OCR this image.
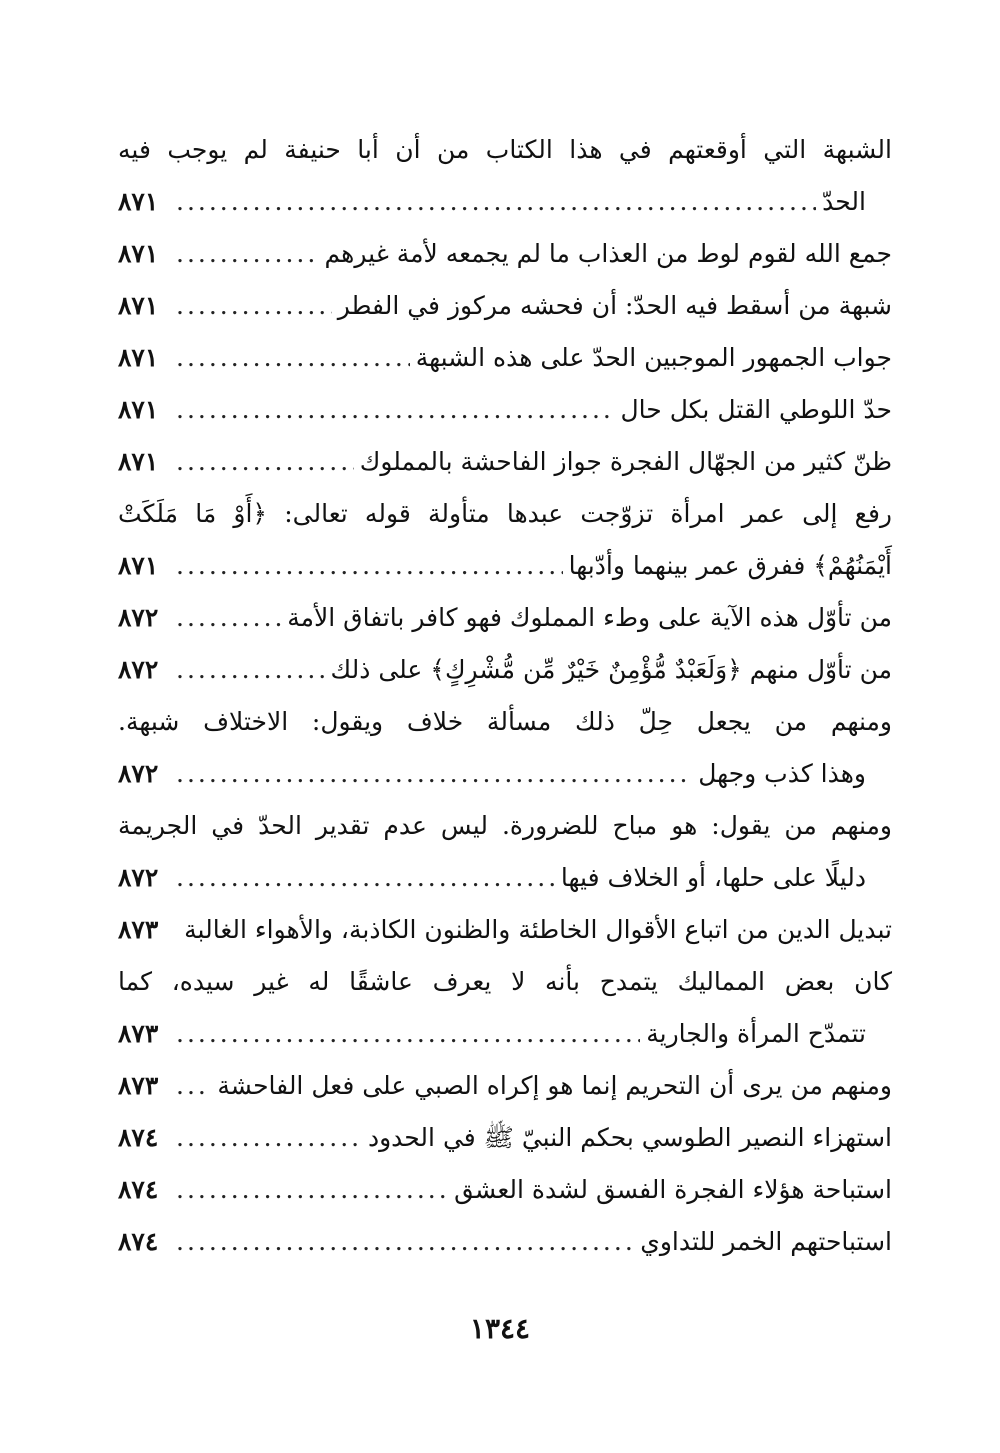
الشبهة التي أوقعتهم في هذا الكتاب من أن أبا حنيفة لم يوجب فيه
الحدّ
.....
٨٧١
جمع الله لقوم لوط من العذاب ما لم يجمعه لأمة غيرهم
.....
٨٧١
شبهة من أسقط فيه الحدّ: أن فحشه مركوز في الفطر
.....
٨٧١
جواب الجمهور الموجبين الحدّ على هذه الشبهة
.....
٨٧١
حدّ اللوطي القتل بكل حال
.....
٨٧١
ظنّ كثير من الجهّال الفجرة جواز الفاحشة بالمملوك
.....
٨٧١
رفع إلى عمر امرأة تزوّجت عبدها متأولة قوله تعالى: ﴿أَوْ مَا مَلَكَتْ
أَيْمَنُهُمْ﴾ ففرق عمر بينهما وأدّبها
.....
٨٧١
من تأوّل هذه الآية على وطء المملوك فهو كافر باتفاق الأمة
.....
٨٧٢
من تأوّل منهم ﴿وَلَعَبْدٌ مُّؤْمِنٌ خَيْرٌ مِّن مُّشْرِكٍ﴾ على ذلك
.....
٨٧٢
ومنهم من يجعل حِلّ ذلك مسألة خلاف ويقول: الاختلاف شبهة.
وهذا كذب وجهل
.....
٨٧٢
ومنهم من يقول: هو مباح للضرورة. ليس عدم تقدير الحدّ في الجريمة
دليلًا على حلها، أو الخلاف فيها
.....
٨٧٢
تبديل الدين من اتباع الأقوال الخاطئة والظنون الكاذبة، والأهواء الغالبة
.....
٨٧٣
كان بعض المماليك يتمدح بأنه لا يعرف عاشقًا له غير سيده، كما
تتمدّح المرأة والجارية
.....
٨٧٣
ومنهم من يرى أن التحريم إنما هو إكراه الصبي على فعل الفاحشة
.....
٨٧٣
استهزاء النصير الطوسي بحكم النبيّ ﷺ في الحدود
.....
٨٧٤
استباحة هؤلاء الفجرة الفسق لشدة العشق
.....
٨٧٤
استباحتهم الخمر للتداوي
.....
٨٧٤
١٣٤٤
